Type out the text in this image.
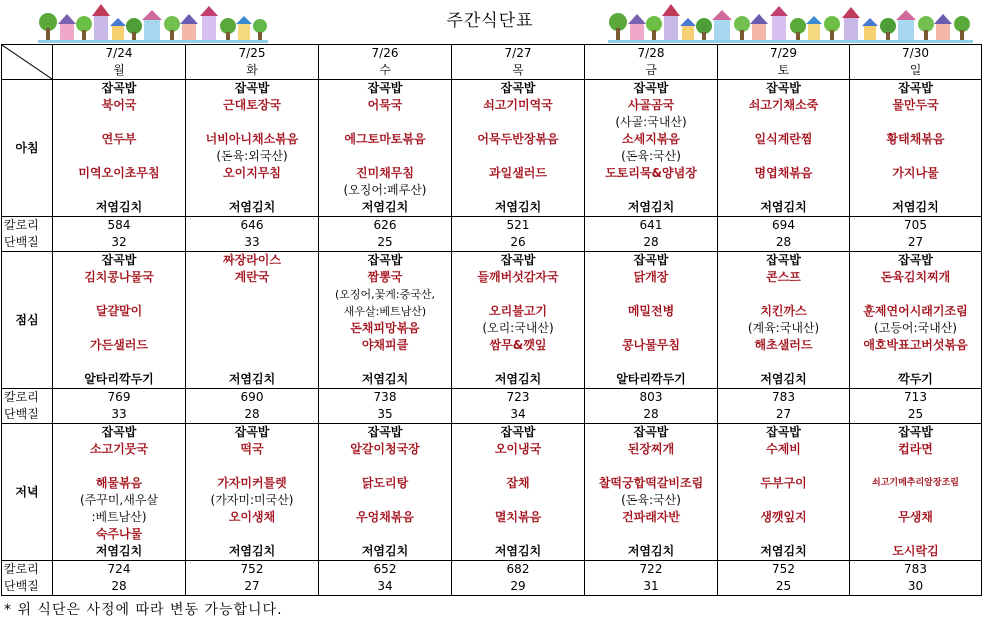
주간식단표
	7/24	7/25	7/26	7/27	7/28	7/29	7/30
	월	화	수	목	금	토	일
아침	잡곡밥	잡곡밥	잡곡밥	잡곡밥	잡곡밥	잡곡밥	잡곡밥
	북어국	근대토장국	어묵국	쇠고기미역국	사골곰국	쇠고기채소죽	물만두국
					(사골:국내산)		
	연두부	너비아니채소볶음	에그토마토볶음	어묵두반장볶음	소세지볶음	일식계란찜	황태채볶음
		(돈육:외국산)			(돈육:국산)		
	미역오이초무침	오이지무침	진미채무침	과일샐러드	도토리묵&양념장	명엽채볶음	가지나물
			(오징어:페루산)				
	저염김치	저염김치	저염김치	저염김치	저염김치	저염김치	저염김치
칼로리	584	646	626	521	641	694	705
단백질	32	33	25	26	28	28	27
점심	잡곡밥	짜장라이스	잡곡밥	잡곡밥	잡곡밥	잡곡밥	잡곡밥
	김치콩나물국	계란국	짬뽕국	들깨버섯감자국	닭개장	콘스프	돈육김치찌개
			(오징어,꽃게:중국산,				
	달걀말이		새우살:베트남산)	오리불고기	메밀전병	치킨까스	훈제연어시래기조림
			돈채피망볶음	(오리:국내산)		(계육:국내산)	(고등어:국내산)
	가든샐러드		야채피클	쌈무&깻잎	콩나물무침	해초샐러드	애호박표고버섯볶음

	알타리깍두기	저염김치	저염김치	저염김치	알타리깍두기	저염김치	깍두기
칼로리	769	690	738	723	803	783	713
단백질	33	28	35	34	28	27	25
저녁	잡곡밥	잡곡밥	잡곡밥	잡곡밥	잡곡밥	잡곡밥	잡곡밥
	소고기뭇국	떡국	알갈이청국장	오이냉국	된장찌개	수제비	컵라면

	해물볶음	가자미커틀렛	닭도리탕	잡채	찰떡궁합떡갈비조림	두부구이	쇠고기메추리알장조림
	(주꾸미,새우살	(가자미:미국산)			(돈육:국산)		
	:베트남산)	오이생채	우엉채볶음	멸치볶음	건파래자반	생깻잎지	무생채
	숙주나물						
	저염김치	저염김치	저염김치	저염김치	저염김치	저염김치	도시락김
칼로리	724	752	652	682	722	752	783
단백질	28	27	34	29	31	25	30
* 위 식단은 사정에 따라 변동 가능합니다.
